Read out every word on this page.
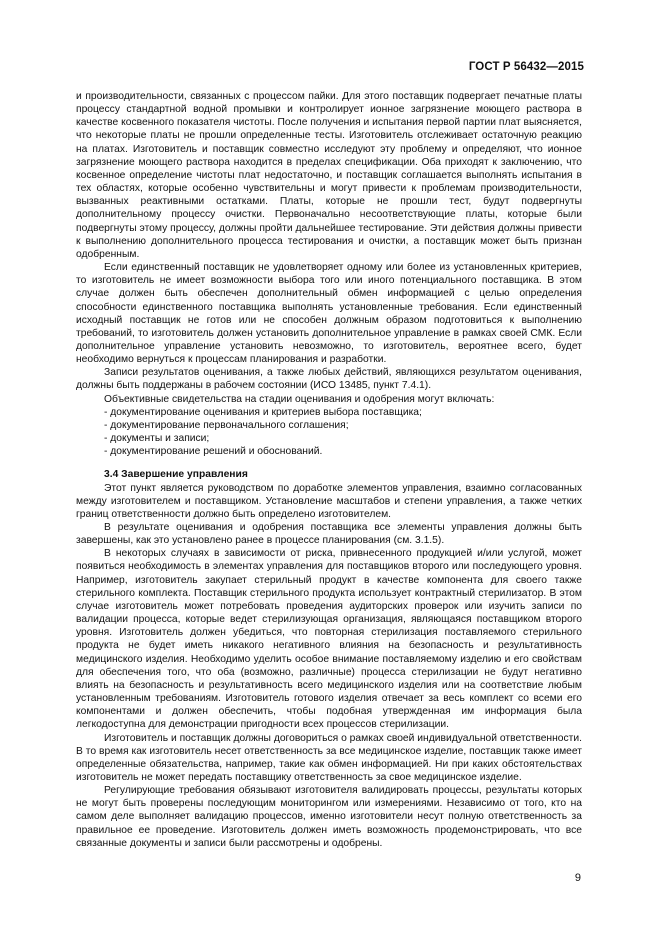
ГОСТ Р 56432—2015

и производительности, связанных с процессом пайки. Для этого поставщик подвергает печатные платы процессу стандартной водной промывки и контролирует ионное загрязнение моющего раствора в качестве косвенного показателя чистоты. После получения и испытания первой партии плат выясняется, что некоторые платы не прошли определенные тесты. Изготовитель отслеживает остаточную реакцию на платах. Изготовитель и поставщик совместно исследуют эту проблему и определяют, что ионное загрязнение моющего раствора находится в пределах спецификации. Оба приходят к заключению, что косвенное определение чистоты плат недостаточно, и поставщик соглашается выполнять испытания в тех областях, которые особенно чувствительны и могут привести к проблемам производительности, вызванных реактивными остатками. Платы, которые не прошли тест, будут подвергнуты дополнительному процессу очистки. Первоначально несоответствующие платы, которые были подвергнуты этому процессу, должны пройти дальнейшее тестирование. Эти действия должны привести к выполнению дополнительного процесса тестирования и очистки, а поставщик может быть признан одобренным.

Если единственный поставщик не удовлетворяет одному или более из установленных критериев, то изготовитель не имеет возможности выбора того или иного потенциального поставщика. В этом случае должен быть обеспечен дополнительный обмен информацией с целью определения способности единственного поставщика выполнять установленные требования. Если единственный исходный поставщик не готов или не способен должным образом подготовиться к выполнению требований, то изготовитель должен установить дополнительное управление в рамках своей СМК. Если дополнительное управление установить невозможно, то изготовитель, вероятнее всего, будет необходимо вернуться к процессам планирования и разработки.

Записи результатов оценивания, а также любых действий, являющихся результатом оценивания, должны быть поддержаны в рабочем состоянии (ИСО 13485, пункт 7.4.1).

Объективные свидетельства на стадии оценивания и одобрения могут включать:

- документирование оценивания и критериев выбора поставщика;

- документирование первоначального соглашения;

- документы и записи;

- документирование решений и обоснований.

3.4 Завершение управления

Этот пункт является руководством по доработке элементов управления, взаимно согласованных между изготовителем и поставщиком. Установление масштабов и степени управления, а также четких границ ответственности должно быть определено изготовителем.

В результате оценивания и одобрения поставщика все элементы управления должны быть завершены, как это установлено ранее в процессе планирования (см. 3.1.5).

В некоторых случаях в зависимости от риска, привнесенного продукцией и/или услугой, может появиться необходимость в элементах управления для поставщиков второго или последующего уровня. Например, изготовитель закупает стерильный продукт в качестве компонента для своего также стерильного комплекта. Поставщик стерильного продукта использует контрактный стерилизатор. В этом случае изготовитель может потребовать проведения аудиторских проверок или изучить записи по валидации процесса, которые ведет стерилизующая организация, являющаяся поставщиком второго уровня. Изготовитель должен убедиться, что повторная стерилизация поставляемого стерильного продукта не будет иметь никакого негативного влияния на безопасность и результативность медицинского изделия. Необходимо уделить особое внимание поставляемому изделию и его свойствам для обеспечения того, что оба (возможно, различные) процесса стерилизации не будут негативно влиять на безопасность и результативность всего медицинского изделия или на соответствие любым установленным требованиям. Изготовитель готового изделия отвечает за весь комплект со всеми его компонентами и должен обеспечить, чтобы подобная утвержденная им информация была легкодоступна для демонстрации пригодности всех процессов стерилизации.

Изготовитель и поставщик должны договориться о рамках своей индивидуальной ответственности. В то время как изготовитель несет ответственность за все медицинское изделие, поставщик также имеет определенные обязательства, например, такие как обмен информацией. Ни при каких обстоятельствах изготовитель не может передать поставщику ответственность за свое медицинское изделие.

Регулирующие требования обязывают изготовителя валидировать процессы, результаты которых не могут быть проверены последующим мониторингом или измерениями. Независимо от того, кто на самом деле выполняет валидацию процессов, именно изготовители несут полную ответственность за правильное ее проведение. Изготовитель должен иметь возможность продемонстрировать, что все связанные документы и записи были рассмотрены и одобрены.

9
